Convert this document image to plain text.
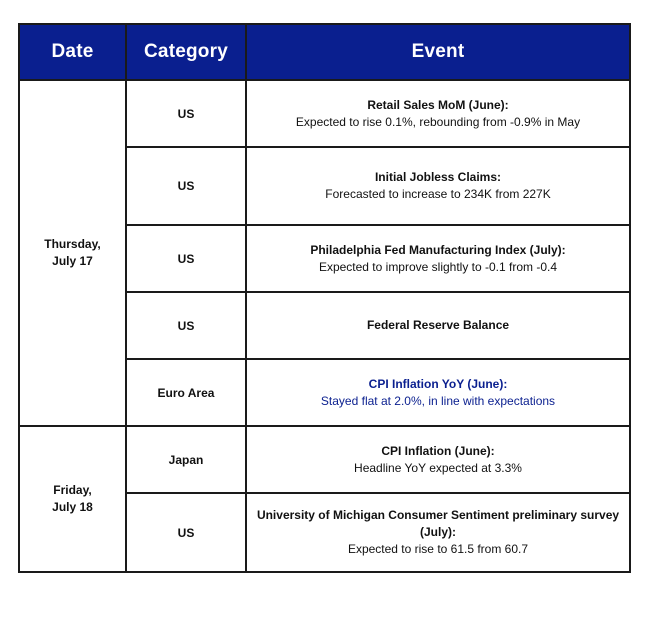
Date	Category	Event
Thursday,
July 17	US	Retail Sales MoM (June):
Expected to rise 0.1%, rebounding from -0.9% in May

	US	Initial Jobless Claims:
Forecasted to increase to 234K from 227K

	US	Philadelphia Fed Manufacturing Index (July):
Expected to improve slightly to -0.1 from -0.4

	US	Federal Reserve Balance

	Euro Area	CPI Inflation YoY (June):
Stayed flat at 2.0%, in line with expectations

Friday,
July 18	Japan	CPI Inflation (June):
Headline YoY expected at 3.3%

	US	University of Michigan Consumer Sentiment preliminary survey (July):
Expected to rise to 61.5 from 60.7
